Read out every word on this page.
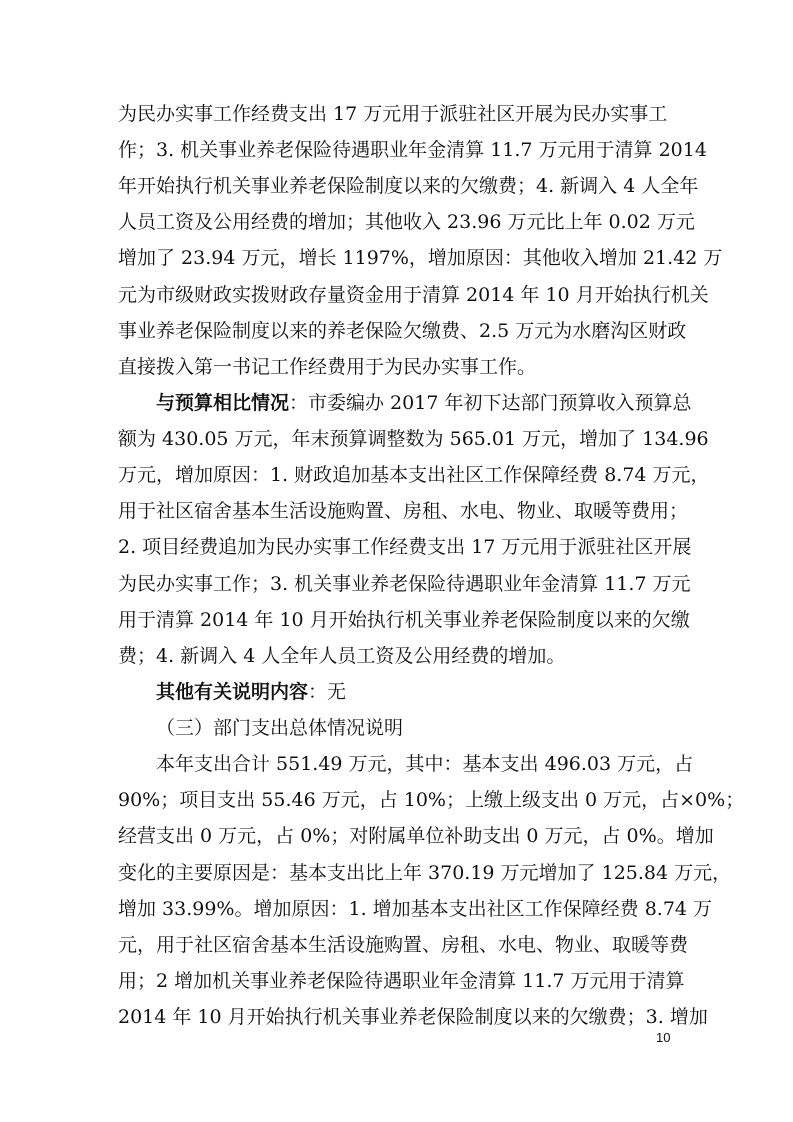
为民办实事工作经费支出 17 万元用于派驻社区开展为民办实事工
作；3. 机关事业养老保险待遇职业年金清算 11.7 万元用于清算 2014
年开始执行机关事业养老保险制度以来的欠缴费；4. 新调入 4 人全年
人员工资及公用经费的增加；其他收入 23.96 万元比上年 0.02 万元
增加了 23.94 万元，增长 1197%，增加原因：其他收入增加 21.42 万
元为市级财政实拨财政存量资金用于清算 2014 年 10 月开始执行机关
事业养老保险制度以来的养老保险欠缴费、2.5 万元为水磨沟区财政
直接拨入第一书记工作经费用于为民办实事工作。
与预算相比情况：市委编办 2017 年初下达部门预算收入预算总
额为 430.05 万元，年末预算调整数为 565.01 万元，增加了 134.96
万元，增加原因：1. 财政追加基本支出社区工作保障经费 8.74 万元，
用于社区宿舍基本生活设施购置、房租、水电、物业、取暖等费用；
2. 项目经费追加为民办实事工作经费支出 17 万元用于派驻社区开展
为民办实事工作；3. 机关事业养老保险待遇职业年金清算 11.7 万元
用于清算 2014 年 10 月开始执行机关事业养老保险制度以来的欠缴
费；4. 新调入 4 人全年人员工资及公用经费的增加。
其他有关说明内容：无
（三）部门支出总体情况说明
本年支出合计 551.49 万元，其中：基本支出 496.03 万元，占
90%；项目支出 55.46 万元，占 10%；上缴上级支出 0 万元，占×0%；
经营支出 0 万元，占 0%；对附属单位补助支出 0 万元，占 0%。增加
变化的主要原因是：基本支出比上年 370.19 万元增加了 125.84 万元，
增加 33.99%。增加原因：1. 增加基本支出社区工作保障经费 8.74 万
10
元，用于社区宿舍基本生活设施购置、房租、水电、物业、取暖等费
用；2 增加机关事业养老保险待遇职业年金清算 11.7 万元用于清算
2014 年 10 月开始执行机关事业养老保险制度以来的欠缴费；3. 增加
